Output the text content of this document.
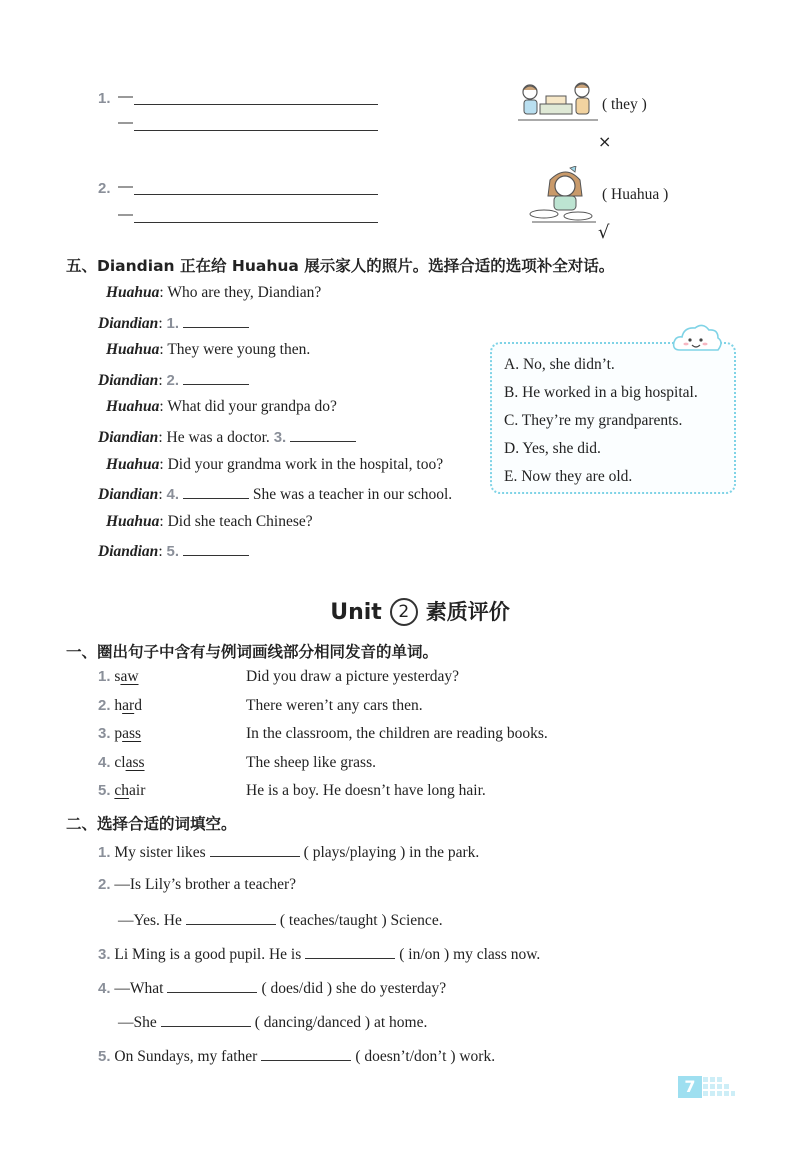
1. —
—
( they )
×
2. —
—
( Huahua )
√
五、Diandian 正在给 Huahua 展示家人的照片。选择合适的选项补全对话。
Huahua: Who are they, Diandian?
Diandian: 1.
Huahua: They were young then.
Diandian: 2.
Huahua: What did your grandpa do?
Diandian: He was a doctor. 3.
Huahua: Did your grandma work in the hospital, too?
Diandian: 4.	She was a teacher in our school.
Huahua: Did she teach Chinese?
Diandian: 5.
A. No, she didn’t.
B. He worked in a big hospital.
C. They’re my grandparents.
D. Yes, she did.
E. Now they are old.
Unit 2 素质评价
一、圈出句子中含有与例词画线部分相同发音的单词。
1. saw	Did you draw a picture yesterday?
2. hard	There weren’t any cars then.
3. pass	In the classroom, the children are reading books.
4. class	The sheep like grass.
5. chair	He is a boy. He doesn’t have long hair.
二、选择合适的词填空。
1. My sister likes	( plays/playing ) in the park.
2. —Is Lily’s brother a teacher?
—Yes. He	( teaches/taught ) Science.
3. Li Ming is a good pupil. He is	( in/on ) my class now.
4. —What	( does/did ) she do yesterday?
—She	( dancing/danced ) at home.
5. On Sundays, my father	( doesn’t/don’t ) work.
7
